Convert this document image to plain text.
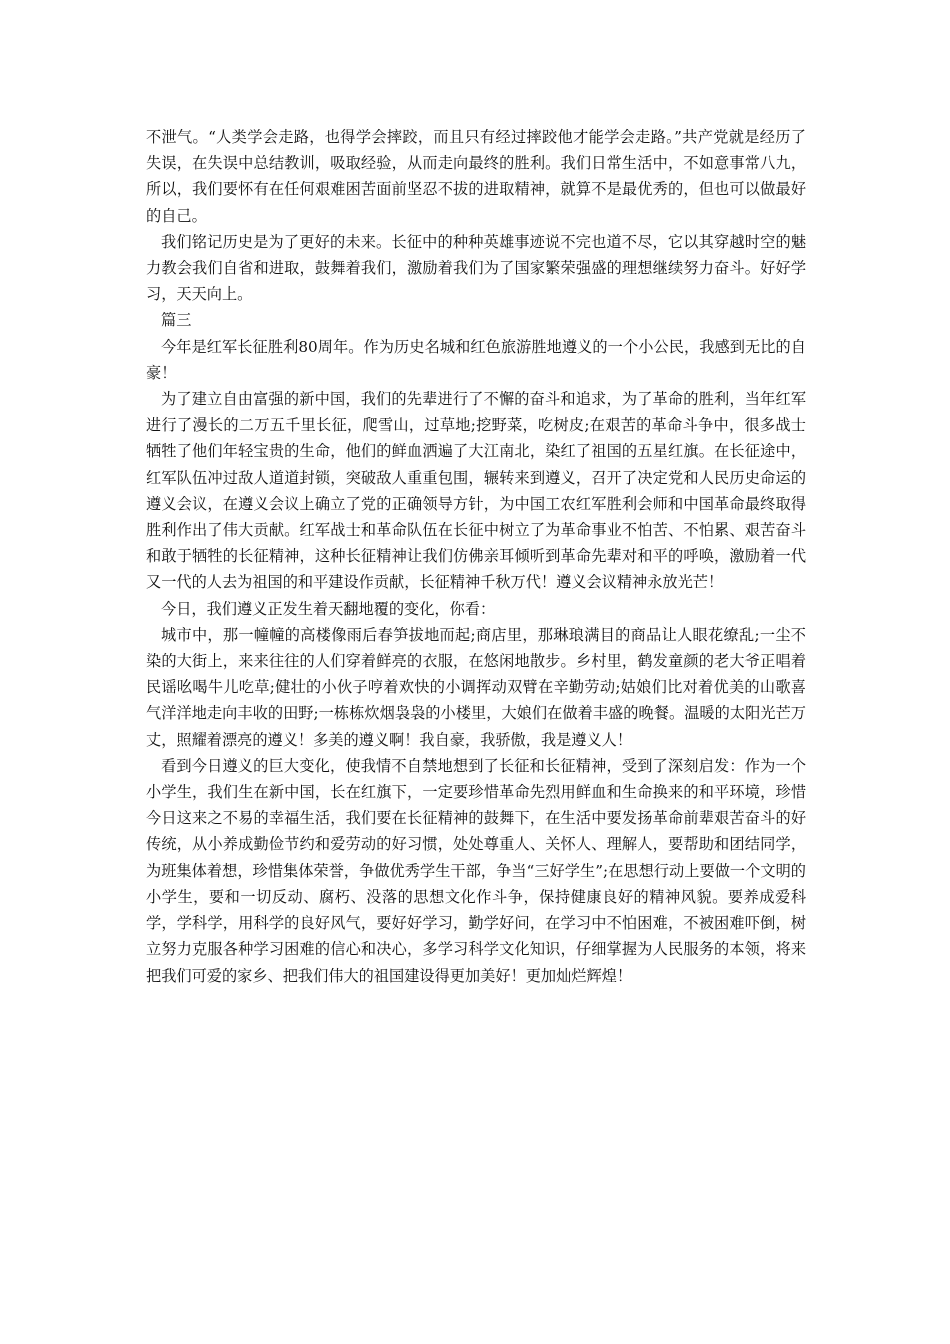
不泄气。“人类学会走路，也得学会摔跤，而且只有经过摔跤他才能学会走路。”共产党就是经历了失误，在失误中总结教训，吸取经验，从而走向最终的胜利。我们日常生活中，不如意事常八九，所以，我们要怀有在任何艰难困苦面前坚忍不拔的进取精神，就算不是最优秀的，但也可以做最好的自己。

我们铭记历史是为了更好的未来。长征中的种种英雄事迹说不完也道不尽，它以其穿越时空的魅力教会我们自省和进取，鼓舞着我们，激励着我们为了国家繁荣强盛的理想继续努力奋斗。好好学习，天天向上。

篇三

今年是红军长征胜利80周年。作为历史名城和红色旅游胜地遵义的一个小公民，我感到无比的自豪！

为了建立自由富强的新中国，我们的先辈进行了不懈的奋斗和追求，为了革命的胜利，当年红军进行了漫长的二万五千里长征，爬雪山，过草地;挖野菜，吃树皮;在艰苦的革命斗争中，很多战士牺牲了他们年轻宝贵的生命，他们的鲜血洒遍了大江南北，染红了祖国的五星红旗。在长征途中，红军队伍冲过敌人道道封锁，突破敌人重重包围，辗转来到遵义，召开了决定党和人民历史命运的遵义会议，在遵义会议上确立了党的正确领导方针，为中国工农红军胜利会师和中国革命最终取得胜利作出了伟大贡献。红军战士和革命队伍在长征中树立了为革命事业不怕苦、不怕累、艰苦奋斗和敢于牺牲的长征精神，这种长征精神让我们仿佛亲耳倾听到革命先辈对和平的呼唤，激励着一代又一代的人去为祖国的和平建设作贡献，长征精神千秋万代！遵义会议精神永放光芒！

今日，我们遵义正发生着天翻地覆的变化，你看：

城市中，那一幢幢的高楼像雨后春笋拔地而起;商店里，那琳琅满目的商品让人眼花缭乱;一尘不染的大街上，来来往往的人们穿着鲜亮的衣服，在悠闲地散步。乡村里，鹤发童颜的老大爷正唱着民谣吆喝牛儿吃草;健壮的小伙子哼着欢快的小调挥动双臂在辛勤劳动;姑娘们比对着优美的山歌喜气洋洋地走向丰收的田野;一栋栋炊烟袅袅的小楼里，大娘们在做着丰盛的晚餐。温暖的太阳光芒万丈，照耀着漂亮的遵义！多美的遵义啊！我自豪，我骄傲，我是遵义人！

看到今日遵义的巨大变化，使我情不自禁地想到了长征和长征精神，受到了深刻启发：作为一个小学生，我们生在新中国，长在红旗下，一定要珍惜革命先烈用鲜血和生命换来的和平环境，珍惜今日这来之不易的幸福生活，我们要在长征精神的鼓舞下，在生活中要发扬革命前辈艰苦奋斗的好传统，从小养成勤俭节约和爱劳动的好习惯，处处尊重人、关怀人、理解人，要帮助和团结同学，为班集体着想，珍惜集体荣誉，争做优秀学生干部，争当“三好学生”;在思想行动上要做一个文明的小学生，要和一切反动、腐朽、没落的思想文化作斗争，保持健康良好的精神风貌。要养成爱科学，学科学，用科学的良好风气，要好好学习，勤学好问，在学习中不怕困难，不被困难吓倒，树立努力克服各种学习困难的信心和决心，多学习科学文化知识，仔细掌握为人民服务的本领，将来把我们可爱的家乡、把我们伟大的祖国建设得更加美好！更加灿烂辉煌！
